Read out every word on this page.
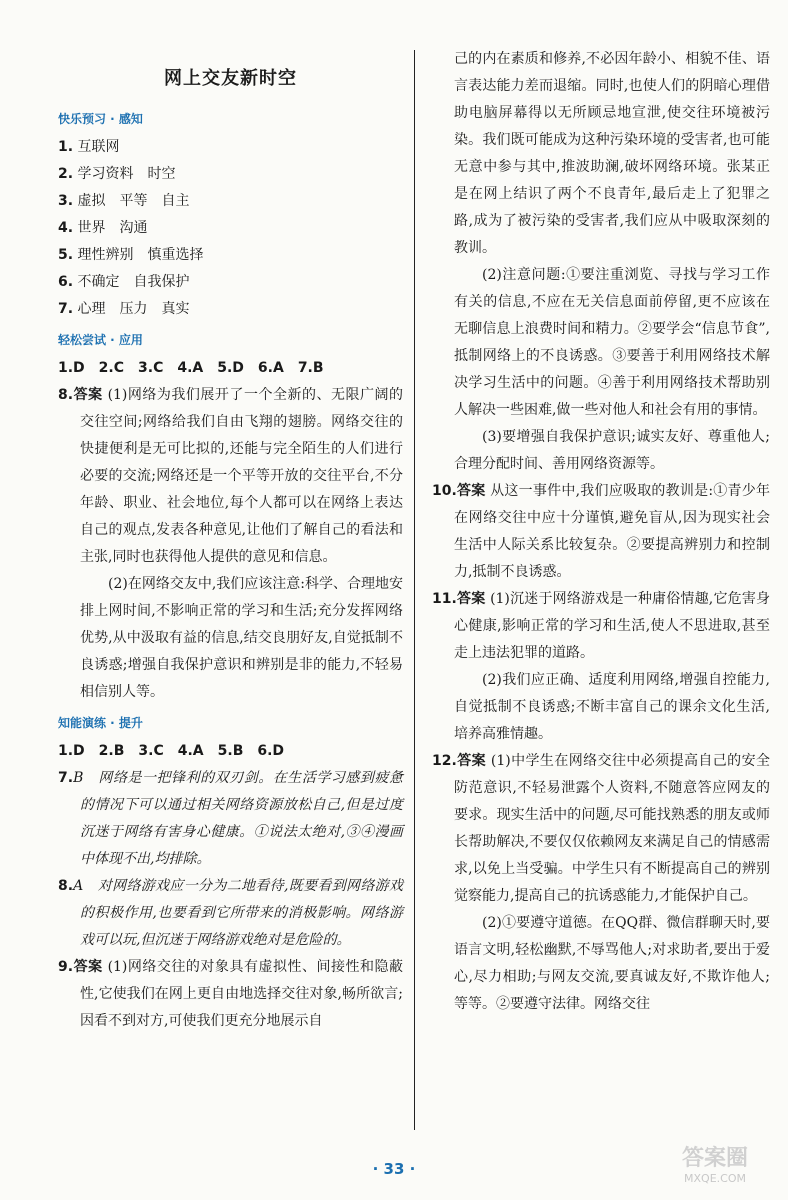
网上交友新时空
快乐预习 · 感知

1. 互联网

2. 学习资料　时空

3. 虚拟　平等　自主

4. 世界　沟通

5. 理性辨别　慎重选择

6. 不确定　自我保护

7. 心理　压力　真实

轻松尝试 · 应用

1.D　2.C　3.C　4.A　5.D　6.A　7.B

8.答案 (1)网络为我们展开了一个全新的、无限广阔的交往空间;网络给我们自由飞翔的翅膀。网络交往的快捷便利是无可比拟的,还能与完全陌生的人们进行必要的交流;网络还是一个平等开放的交往平台,不分年龄、职业、社会地位,每个人都可以在网络上表达自己的观点,发表各种意见,让他们了解自己的看法和主张,同时也获得他人提供的意见和信息。

(2)在网络交友中,我们应该注意:科学、合理地安排上网时间,不影响正常的学习和生活;充分发挥网络优势,从中汲取有益的信息,结交良朋好友,自觉抵制不良诱惑;增强自我保护意识和辨别是非的能力,不轻易相信别人等。

知能演练 · 提升

1.D　2.B　3.C　4.A　5.B　6.D

7.B　网络是一把锋利的双刃剑。在生活学习感到疲惫的情况下可以通过相关网络资源放松自己,但是过度沉迷于网络有害身心健康。①说法太绝对,③④漫画中体现不出,均排除。

8.A　对网络游戏应一分为二地看待,既要看到网络游戏的积极作用,也要看到它所带来的消极影响。网络游戏可以玩,但沉迷于网络游戏绝对是危险的。

9.答案 (1)网络交往的对象具有虚拟性、间接性和隐蔽性,它使我们在网上更自由地选择交往对象,畅所欲言;因看不到对方,可使我们更充分地展示自

己的内在素质和修养,不必因年龄小、相貌不佳、语言表达能力差而退缩。同时,也使人们的阴暗心理借助电脑屏幕得以无所顾忌地宣泄,使交往环境被污染。我们既可能成为这种污染环境的受害者,也可能无意中参与其中,推波助澜,破坏网络环境。张某正是在网上结识了两个不良青年,最后走上了犯罪之路,成为了被污染的受害者,我们应从中吸取深刻的教训。

(2)注意问题:①要注重浏览、寻找与学习工作有关的信息,不应在无关信息面前停留,更不应该在无聊信息上浪费时间和精力。②要学会“信息节食”,抵制网络上的不良诱惑。③要善于利用网络技术解决学习生活中的问题。④善于利用网络技术帮助别人解决一些困难,做一些对他人和社会有用的事情。

(3)要增强自我保护意识;诚实友好、尊重他人;合理分配时间、善用网络资源等。

10.答案 从这一事件中,我们应吸取的教训是:①青少年在网络交往中应十分谨慎,避免盲从,因为现实社会生活中人际关系比较复杂。②要提高辨别力和控制力,抵制不良诱惑。

11.答案 (1)沉迷于网络游戏是一种庸俗情趣,它危害身心健康,影响正常的学习和生活,使人不思进取,甚至走上违法犯罪的道路。

(2)我们应正确、适度利用网络,增强自控能力,自觉抵制不良诱惑;不断丰富自己的课余文化生活,培养高雅情趣。

12.答案 (1)中学生在网络交往中必须提高自己的安全防范意识,不轻易泄露个人资料,不随意答应网友的要求。现实生活中的问题,尽可能找熟悉的朋友或师长帮助解决,不要仅仅依赖网友来满足自己的情感需求,以免上当受骗。中学生只有不断提高自己的辨别觉察能力,提高自己的抗诱惑能力,才能保护自己。

(2)①要遵守道德。在QQ群、微信群聊天时,要语言文明,轻松幽默,不辱骂他人;对求助者,要出于爱心,尽力相助;与网友交流,要真诚友好,不欺诈他人;等等。②要遵守法律。网络交往

· 33 ·	答案圈
MXQE.COM
